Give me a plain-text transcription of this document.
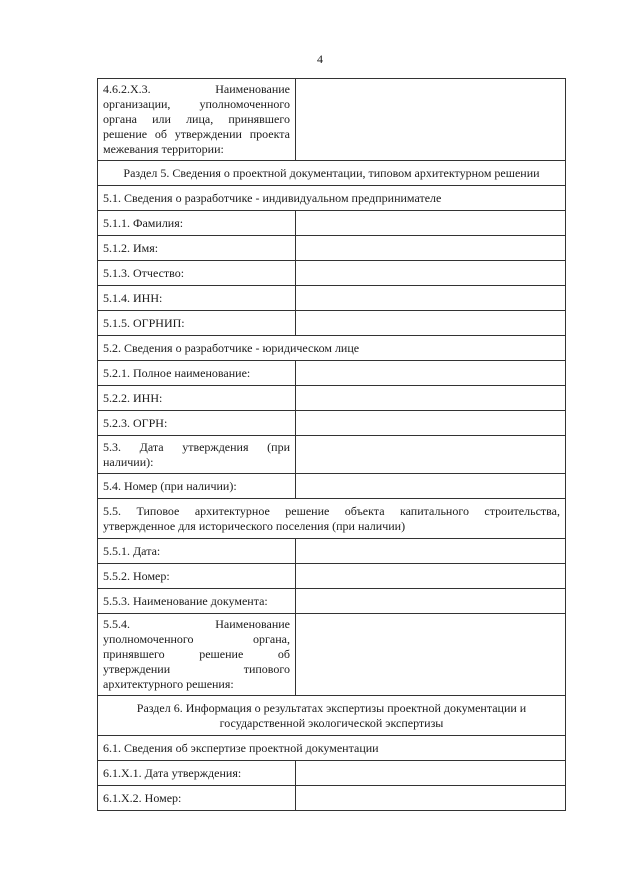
4
4.6.2.X.3. Наименование
организации, уполномоченного
органа или лица, принявшего
решение об утверждении проекта
межевания территории:	

Раздел 5. Сведения о проектной документации, типовом архитектурном решении	
5.1. Сведения о разработчике - индивидуальном предпринимателе	
5.1.1. Фамилия:	
5.1.2. Имя:	
5.1.3. Отчество:	
5.1.4. ИНН:	
5.1.5. ОГРНИП:	
5.2. Сведения о разработчике - юридическом лице	
5.2.1. Полное наименование:	
5.2.2. ИНН:	
5.2.3. ОГРН:	

5.3. Дата утверждения (при
наличии):	

5.4. Номер (при наличии):	

5.5. Типовое архитектурное решение объекта капитального строительства,
утвержденное для исторического поселения (при наличии)	

5.5.1. Дата:	
5.5.2. Номер:	
5.5.3. Наименование документа:	

5.5.4. Наименование
уполномоченного органа,
принявшего решение об
утверждении типового
архитектурного решения:	

Раздел 6. Информация о результатах экспертизы проектной документации и
государственной экологической экспертизы	

6.1. Сведения об экспертизе проектной документации	
6.1.X.1. Дата утверждения:	
6.1.X.2. Номер:	
